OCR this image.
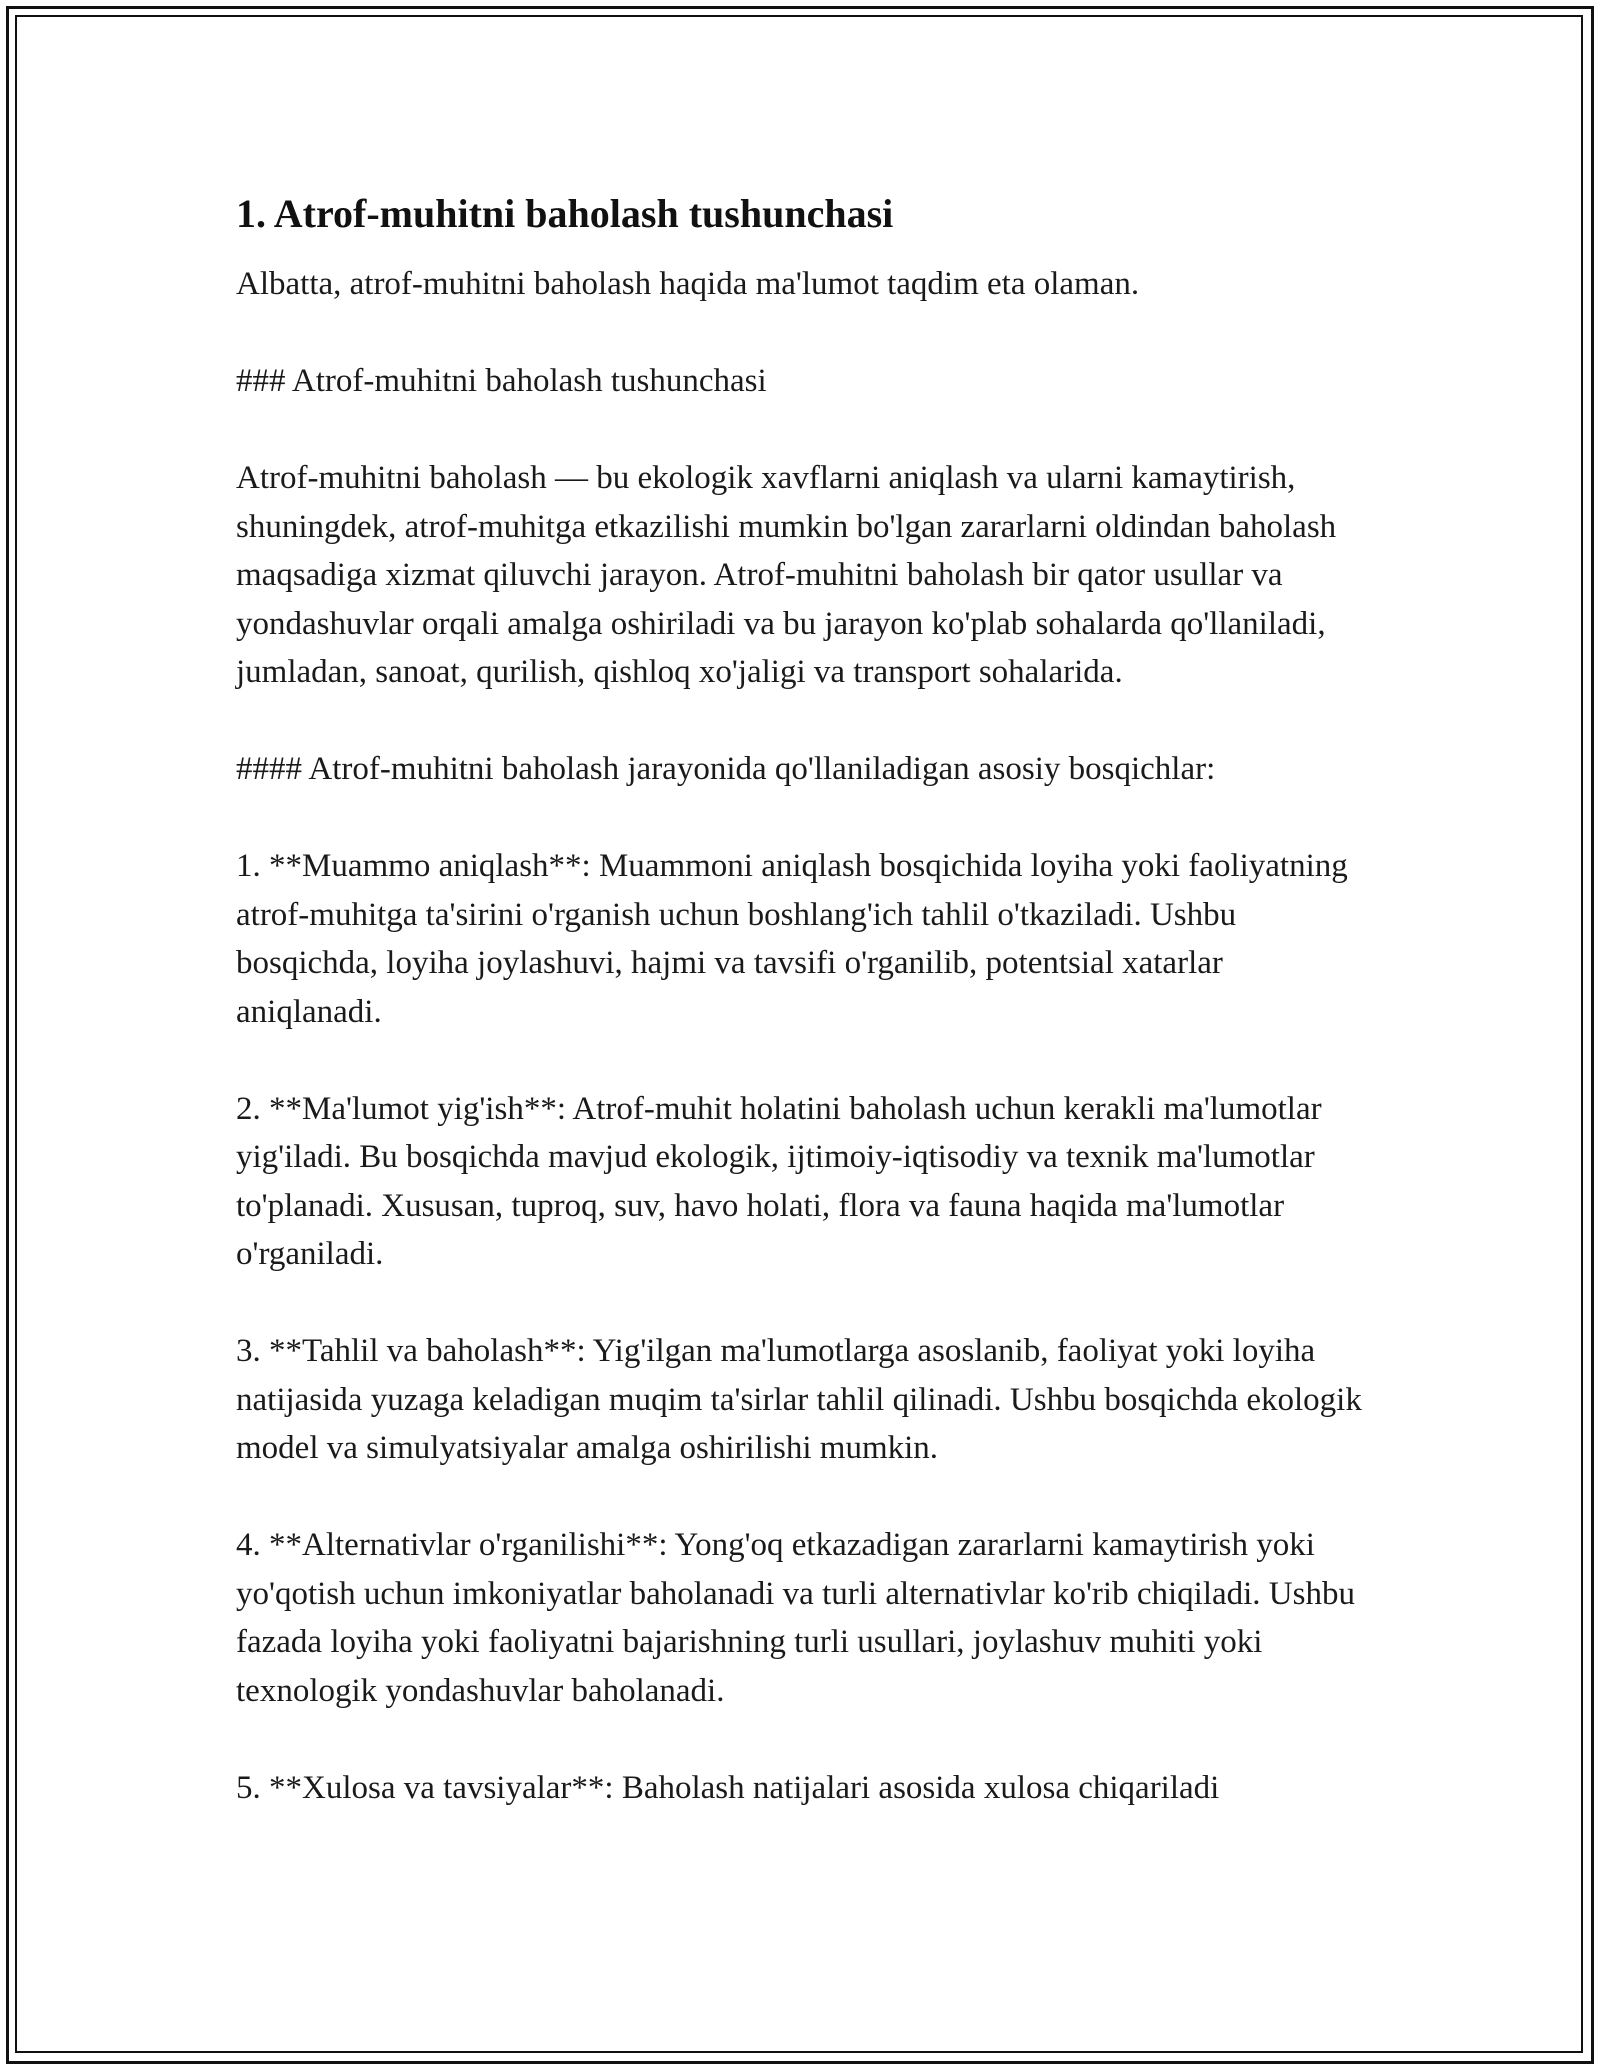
1. Atrof-muhitni baholash tushunchasi

Albatta, atrof-muhitni baholash haqida ma'lumot taqdim eta olaman.

### Atrof-muhitni baholash tushunchasi

Atrof-muhitni baholash — bu ekologik xavflarni aniqlash va ularni kamaytirish, shuningdek, atrof-muhitga etkazilishi mumkin bo'lgan zararlarni oldindan baholash maqsadiga xizmat qiluvchi jarayon. Atrof-muhitni baholash bir qator usullar va yondashuvlar orqali amalga oshiriladi va bu jarayon ko'plab sohalarda qo'llaniladi, jumladan, sanoat, qurilish, qishloq xo'jaligi va transport sohalarida.

#### Atrof-muhitni baholash jarayonida qo'llaniladigan asosiy bosqichlar:

1. **Muammo aniqlash**: Muammoni aniqlash bosqichida loyiha yoki faoliyatning atrof-muhitga ta'sirini o'rganish uchun boshlang'ich tahlil o'tkaziladi. Ushbu bosqichda, loyiha joylashuvi, hajmi va tavsifi o'rganilib, potentsial xatarlar aniqlanadi.

2. **Ma'lumot yig'ish**: Atrof-muhit holatini baholash uchun kerakli ma'lumotlar yig'iladi. Bu bosqichda mavjud ekologik, ijtimoiy-iqtisodiy va texnik ma'lumotlar to'planadi. Xususan, tuproq, suv, havo holati, flora va fauna haqida ma'lumotlar o'rganiladi.

3. **Tahlil va baholash**: Yig'ilgan ma'lumotlarga asoslanib, faoliyat yoki loyiha natijasida yuzaga keladigan muqim ta'sirlar tahlil qilinadi. Ushbu bosqichda ekologik model va simulyatsiyalar amalga oshirilishi mumkin.

4. **Alternativlar o'rganilishi**: Yong'oq etkazadigan zararlarni kamaytirish yoki yo'qotish uchun imkoniyatlar baholanadi va turli alternativlar ko'rib chiqiladi. Ushbu fazada loyiha yoki faoliyatni bajarishning turli usullari, joylashuv muhiti yoki texnologik yondashuvlar baholanadi.

5. **Xulosa va tavsiyalar**: Baholash natijalari asosida xulosa chiqariladi
